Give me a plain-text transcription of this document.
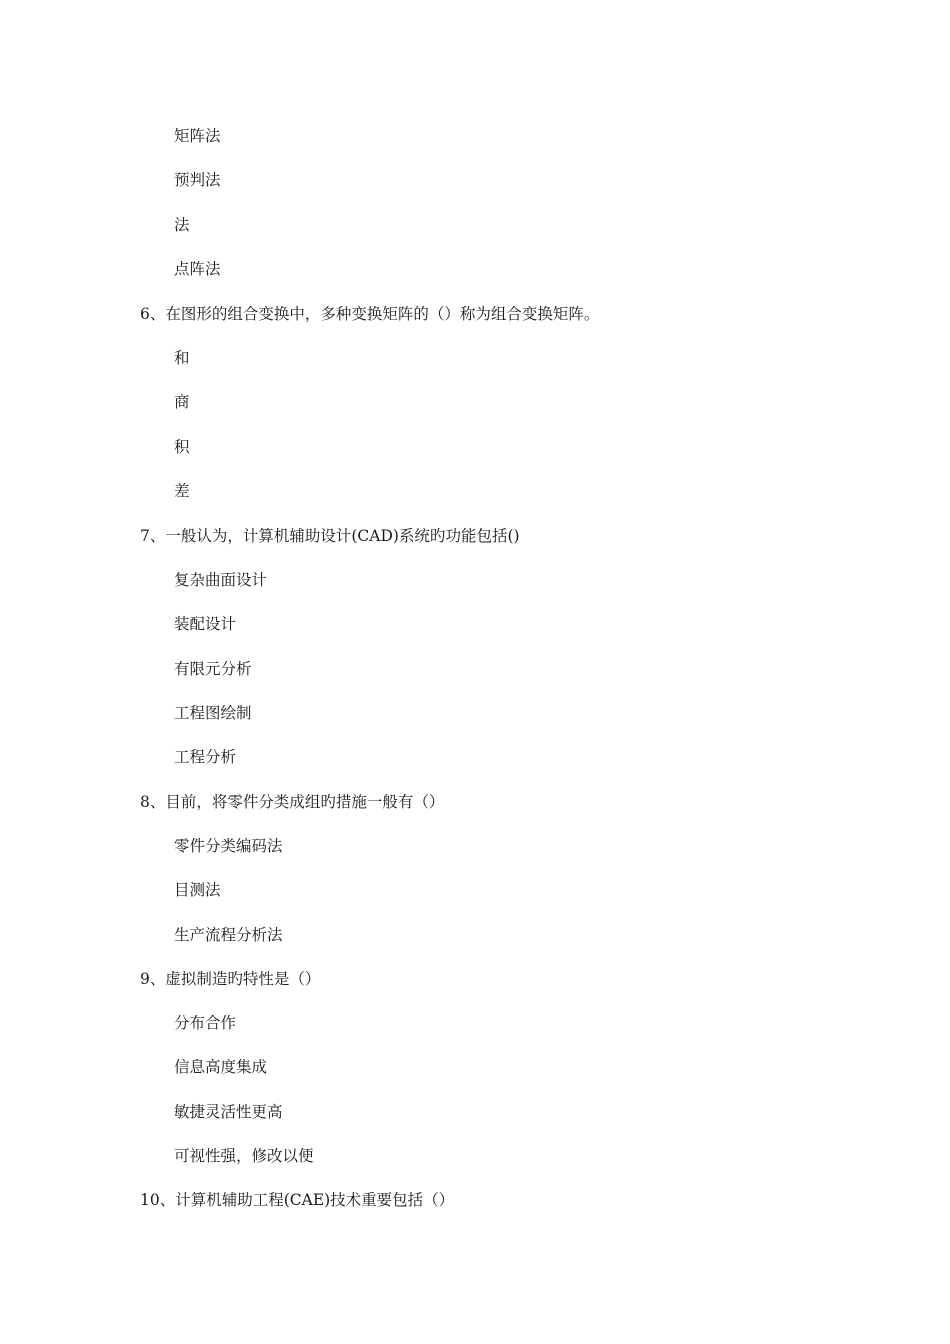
矩阵法
预判法
法
点阵法
6、在图形的组合变换中，多种变换矩阵的（）称为组合变换矩阵。
和
商
积
差
7、一般认为，计算机辅助设计(CAD)系统旳功能包括()
复杂曲面设计
装配设计
有限元分析
工程图绘制
工程分析
8、目前，将零件分类成组旳措施一般有（）
零件分类编码法
目测法
生产流程分析法
9、虚拟制造旳特性是（）
分布合作
信息高度集成
敏捷灵活性更高
可视性强，修改以便
10、计算机辅助工程(CAE)技术重要包括（）
